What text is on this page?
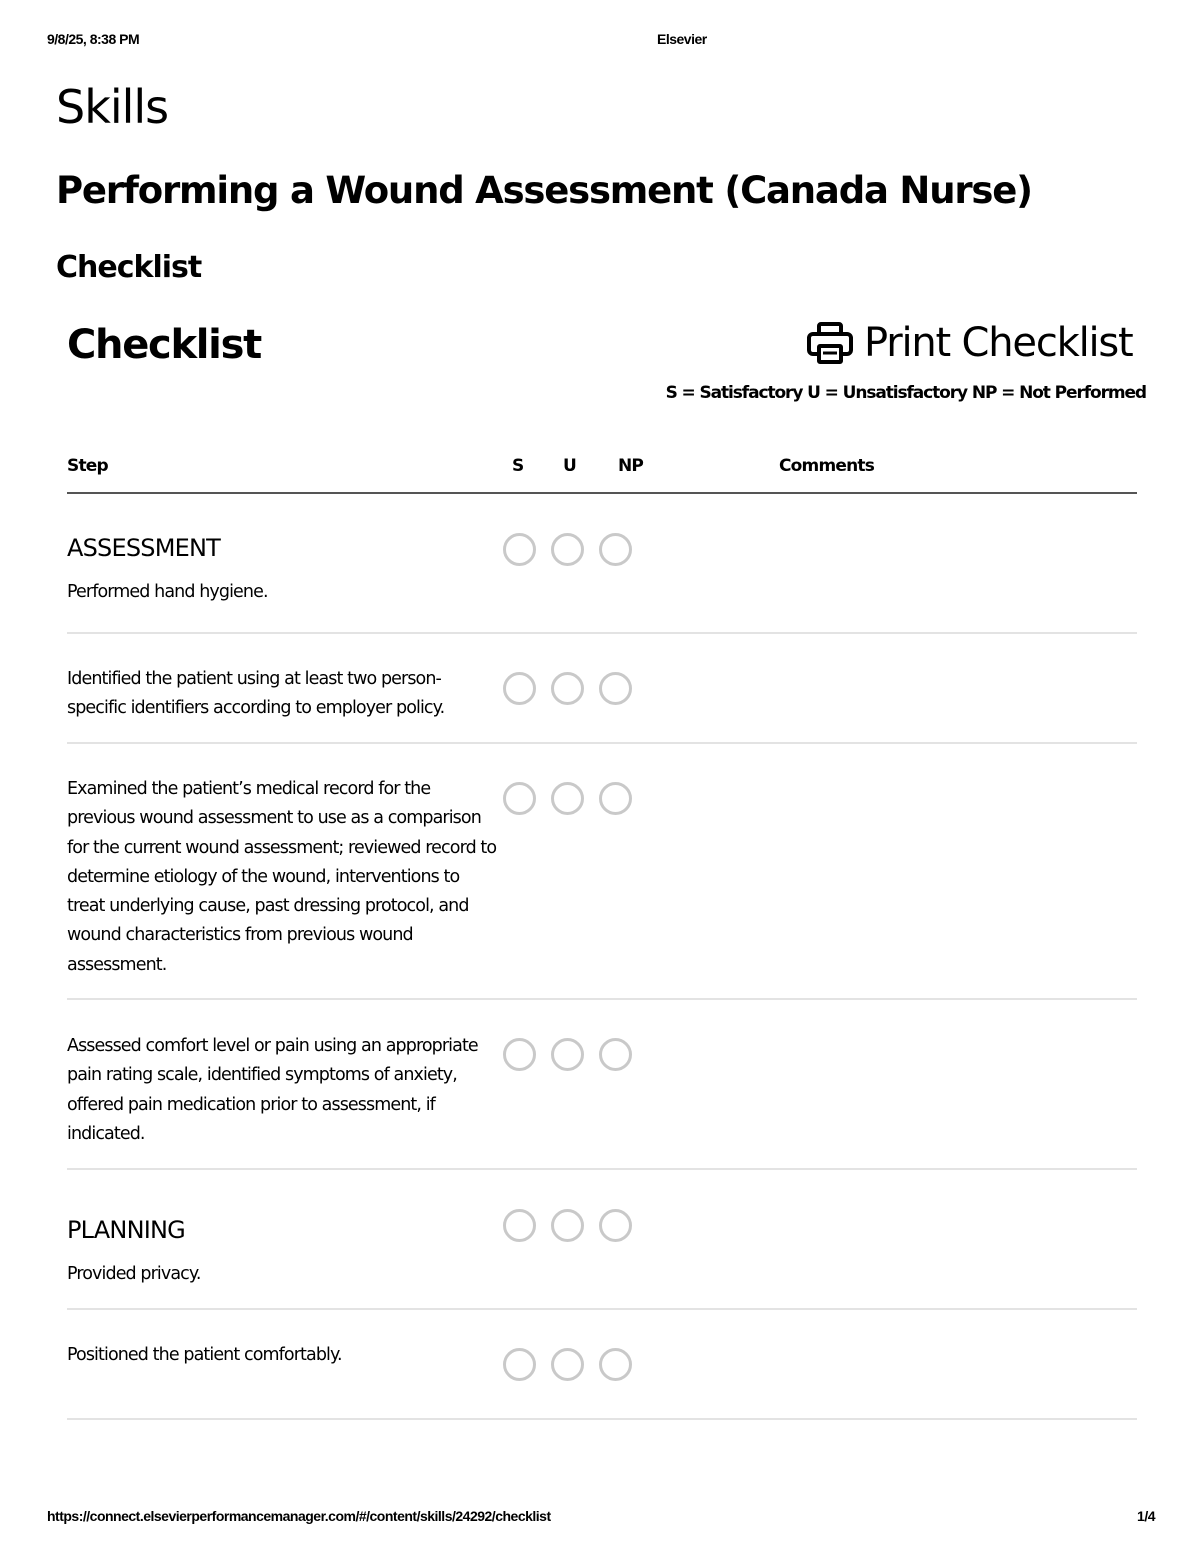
9/8/25, 8:38 PM	Elsevier
Skills
Performing a Wound Assessment (Canada Nurse)
Checklist
Checklist	Print Checklist
S = Satisfactory U = Unsatisfactory NP = Not Performed
Step	S U NP	Comments
ASSESSMENT

Performed hand hygiene.

Identified the patient using at least two person-specific identifiers according to employer policy.

Examined the patient’s medical record for the previous wound assessment to use as a comparison for the current wound assessment; reviewed record to determine etiology of the wound, interventions to treat underlying cause, past dressing protocol, and wound characteristics from previous wound assessment.

Assessed comfort level or pain using an appropriate pain rating scale, identified symptoms of anxiety, offered pain medication prior to assessment, if indicated.

PLANNING

Provided privacy.

Positioned the patient comfortably.

https://connect.elsevierperformancemanager.com/#/content/skills/24292/checklist	1/4
